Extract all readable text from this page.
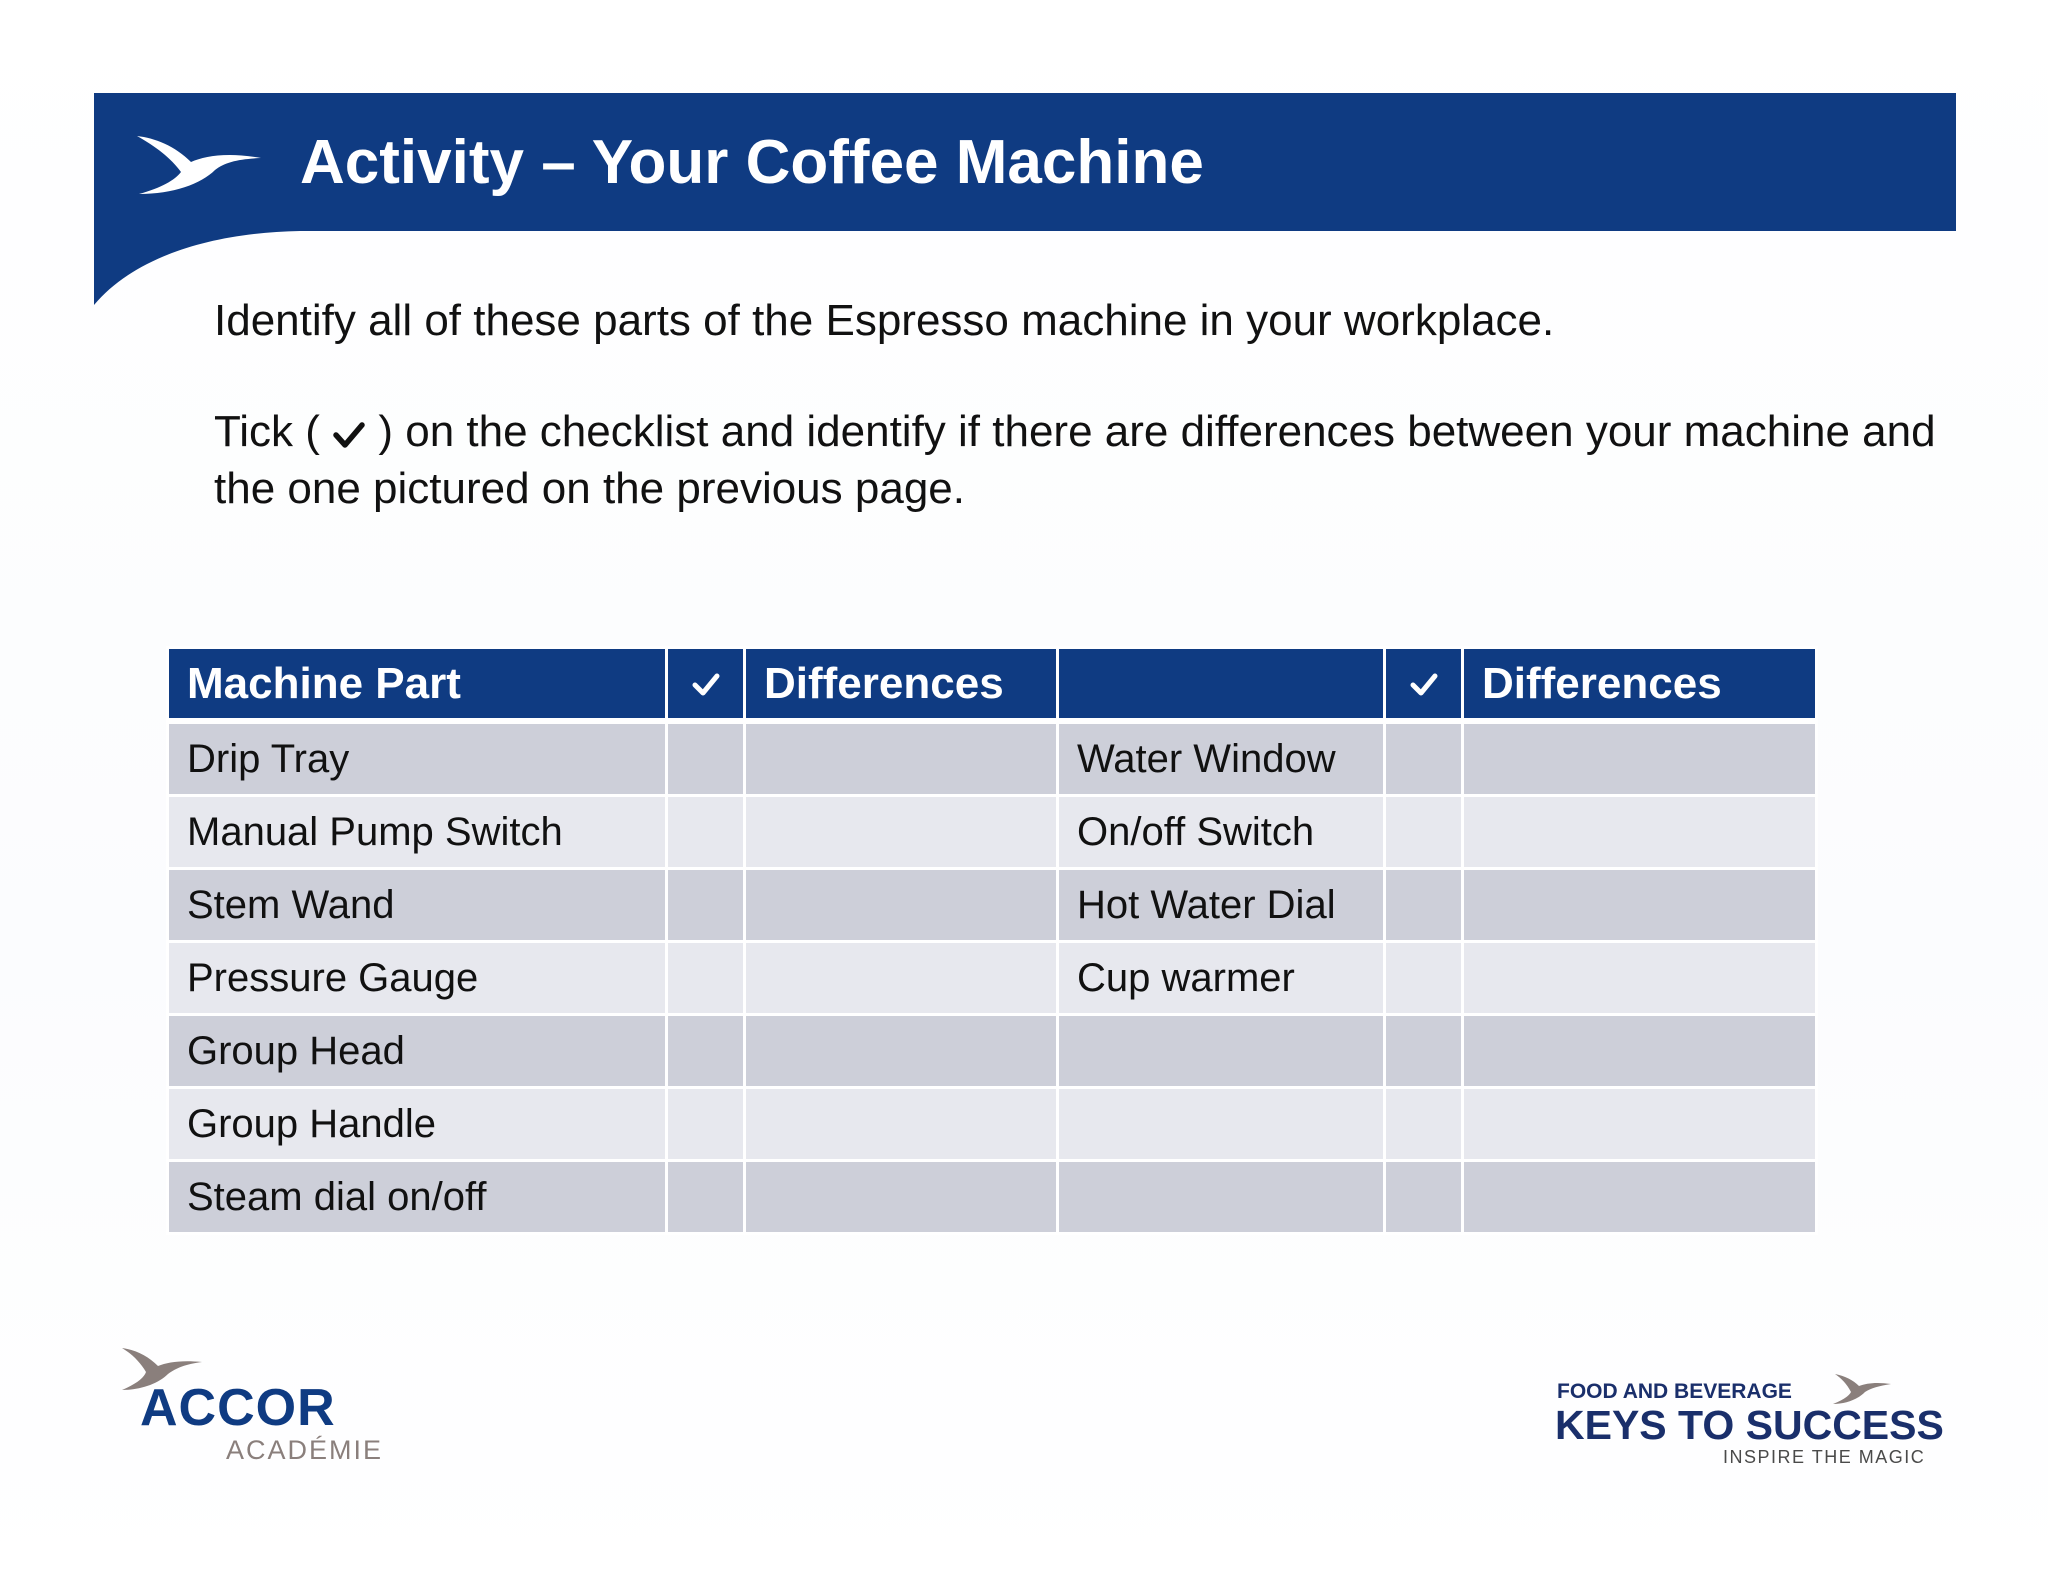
Activity – Your Coffee Machine
Identify all of these parts of the Espresso machine in your workplace.
Tick ( ) on the checklist and identify if there are differences between your machine and the one pictured on the previous page.
Machine Part		Differences			Differences
Drip Tray			Water Window		
Manual Pump Switch			On/off Switch		
Stem Wand			Hot Water Dial		
Pressure Gauge			Cup warmer		
Group Head					
Group Handle					
Steam dial on/off					
ACCOR
ACADÉMIE
FOOD AND BEVERAGE
KEYS TO SUCCESS
INSPIRE THE MAGIC
